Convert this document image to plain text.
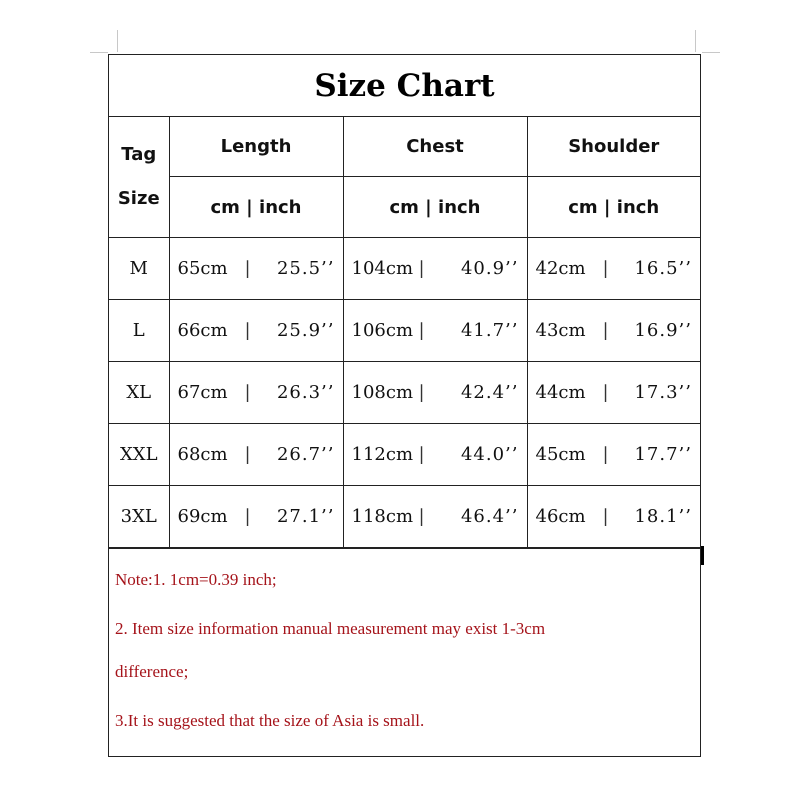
Size Chart
Tag
Size	Length	Chest	Shoulder
	cm | inch	cm | inch	cm | inch
M	65cm | 25.5’’	104cm | 40.9’’	42cm | 16.5’’

L	66cm | 25.9’’	106cm | 41.7’’	43cm | 16.9’’

XL	67cm | 26.3’’	108cm | 42.4’’	44cm | 17.3’’

XXL	68cm | 26.7’’	112cm | 44.0’’	45cm | 17.7’’

3XL	69cm | 27.1’’	118cm | 46.4’’	46cm | 18.1’’
Note:1. 1cm=0.39 inch;
2. Item size information manual measurement may exist 1-3cm
difference;
3.It is suggested that the size of Asia is small.
